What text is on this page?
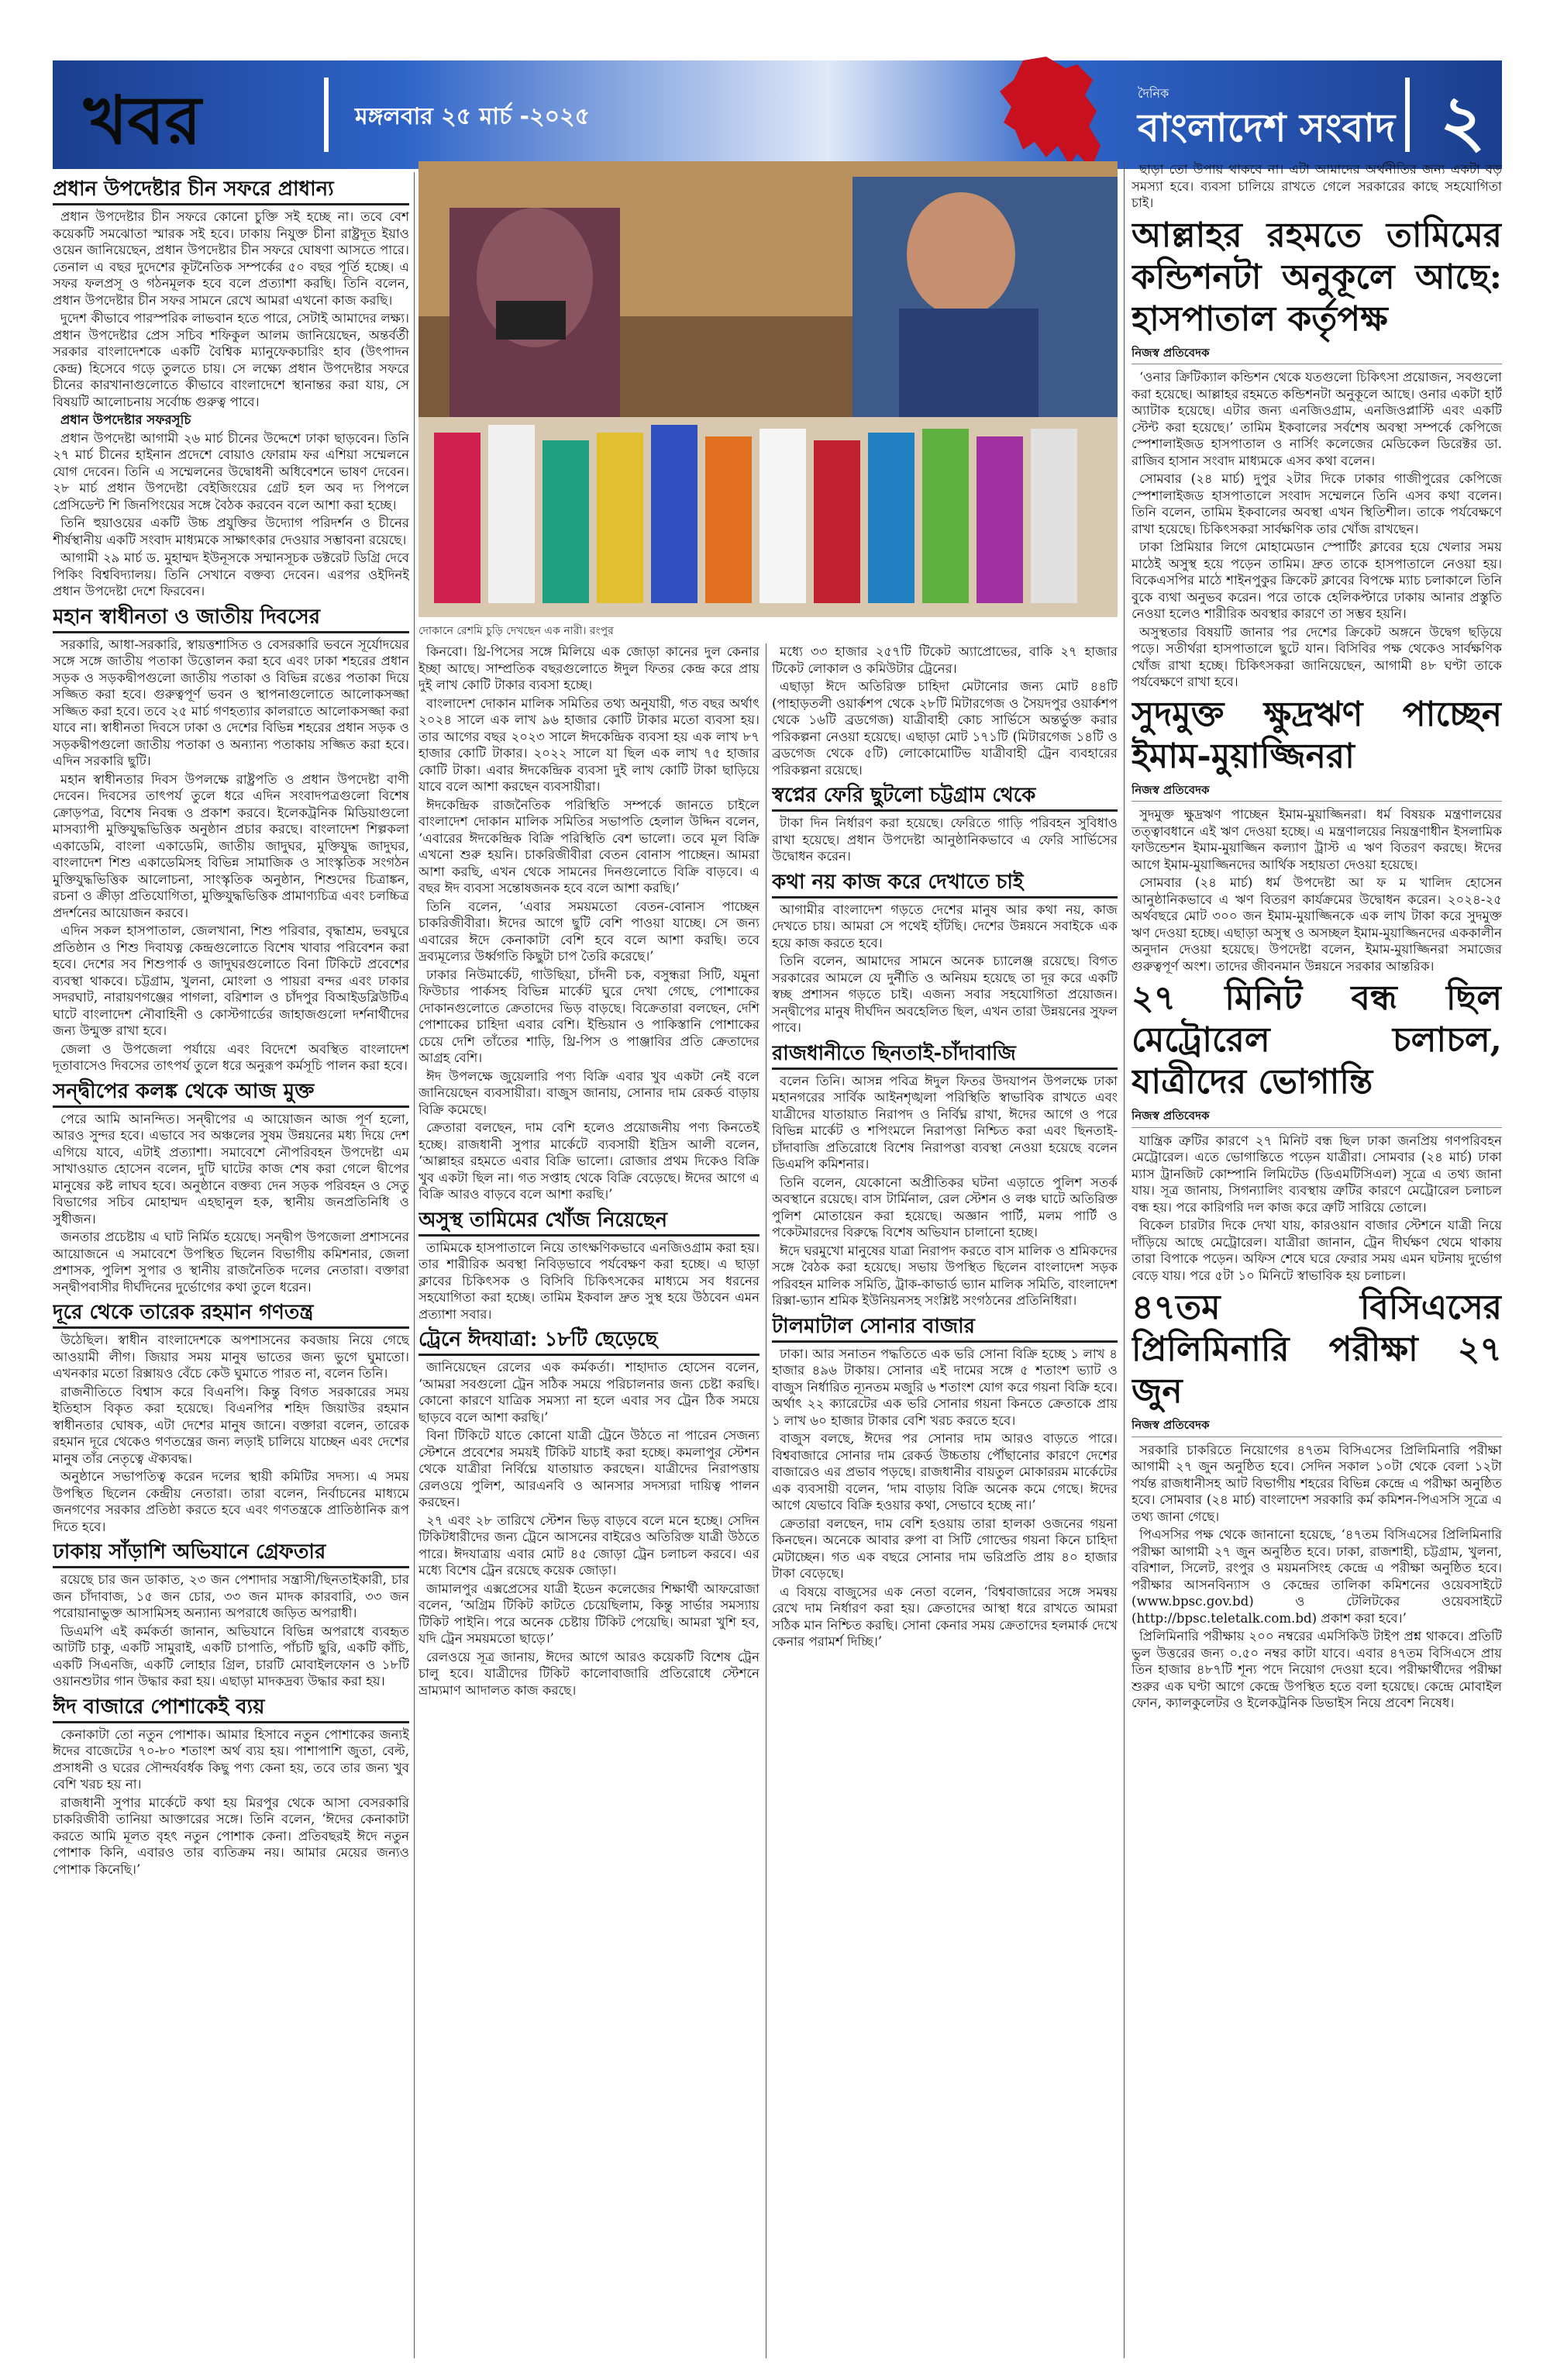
খবর	মঙ্গলবার ২৫ মার্চ -২০২৫
দৈনিক
বাংলাদেশ সংবাদ ২
প্রধান উপদেষ্টার চীন সফরে প্রাধান্য

প্রধান উপদেষ্টার চীন সফরে কোনো চুক্তি সই হচ্ছে না। তবে বেশ কয়েকটি সমঝোতা স্মারক সই হবে। ঢাকায় নিযুক্ত চীনা রাষ্ট্রদূত ইয়াও ওয়েন জানিয়েছেন, প্রধান উপদেষ্টার চীন সফরে ঘোষণা আসতে পারে। তেনাল এ বছর দুদেশের কূটনৈতিক সম্পর্কের ৫০ বছর পূর্তি হচ্ছে। এ সফর ফলপ্রসূ ও গঠনমূলক হবে বলে প্রত্যাশা করছি। তিনি বলেন, প্রধান উপদেষ্টার চীন সফর সামনে রেখে আমরা এখনো কাজ করছি।

দুদেশ কীভাবে পারস্পরিক লাভবান হতে পারে, সেটাই আমাদের লক্ষ্য। প্রধান উপদেষ্টার প্রেস সচিব শফিকুল আলম জানিয়েছেন, অন্তর্বর্তী সরকার বাংলাদেশকে একটি বৈশ্বিক ম্যানুফেকচারিং হাব (উৎপাদন কেন্দ্র) হিসেবে গড়ে তুলতে চায়। সে লক্ষ্যে প্রধান উপদেষ্টার সফরে চীনের কারখানাগুলোতে কীভাবে বাংলাদেশে স্থানান্তর করা যায়, সে বিষয়টি আলোচনায় সর্বোচ্চ গুরুত্ব পাবে।

প্রধান উপদেষ্টার সফরসূচি

প্রধান উপদেষ্টা আগামী ২৬ মার্চ চীনের উদ্দেশে ঢাকা ছাড়বেন। তিনি ২৭ মার্চ চীনের হাইনান প্রদেশে বোয়াও ফোরাম ফর এশিয়া সম্মেলনে যোগ দেবেন। তিনি এ সম্মেলনের উদ্বোধনী অধিবেশনে ভাষণ দেবেন। ২৮ মার্চ প্রধান উপদেষ্টা বেইজিংয়ের গ্রেট হল অব দ্য পিপলে প্রেসিডেন্ট শি জিনপিংয়ের সঙ্গে বৈঠক করবেন বলে আশা করা হচ্ছে।

তিনি হুয়াওয়ের একটি উচ্চ প্রযুক্তির উদ্যোগ পরিদর্শন ও চীনের শীর্ষস্থানীয় একটি সংবাদ মাধ্যমকে সাক্ষাৎকার দেওয়ার সম্ভাবনা রয়েছে।

আগামী ২৯ মার্চ ড. মুহাম্মদ ইউনূসকে সম্মানসূচক ডক্টরেট ডিগ্রি দেবে পিকিং বিশ্ববিদ্যালয়। তিনি সেখানে বক্তব্য দেবেন। এরপর ওইদিনই প্রধান উপদেষ্টা দেশে ফিরবেন।

মহান স্বাধীনতা ও জাতীয় দিবসের

সরকারি, আধা-সরকারি, স্বায়ত্তশাসিত ও বেসরকারি ভবনে সূর্যোদয়ের সঙ্গে সঙ্গে জাতীয় পতাকা উত্তোলন করা হবে এবং ঢাকা শহরের প্রধান সড়ক ও সড়কদ্বীপগুলো জাতীয় পতাকা ও বিভিন্ন রঙের পতাকা দিয়ে সজ্জিত করা হবে। গুরুত্বপূর্ণ ভবন ও স্থাপনাগুলোতে আলোকসজ্জা সজ্জিত করা হবে। তবে ২৫ মার্চ গণহত্যার কালরাতে আলোকসজ্জা করা যাবে না। স্বাধীনতা দিবসে ঢাকা ও দেশের বিভিন্ন শহরের প্রধান সড়ক ও সড়কদ্বীপগুলো জাতীয় পতাকা ও অন্যান্য পতাকায় সজ্জিত করা হবে। এদিন সরকারি ছুটি।

মহান স্বাধীনতার দিবস উপলক্ষে রাষ্ট্রপতি ও প্রধান উপদেষ্টা বাণী দেবেন। দিবসের তাৎপর্য তুলে ধরে এদিন সংবাদপত্রগুলো বিশেষ ক্রোড়পত্র, বিশেষ নিবন্ধ ও প্রকাশ করবে। ইলেকট্রনিক মিডিয়াগুলো মাসব্যাপী মুক্তিযুদ্ধভিত্তিক অনুষ্ঠান প্রচার করছে। বাংলাদেশ শিল্পকলা একাডেমি, বাংলা একাডেমি, জাতীয় জাদুঘর, মুক্তিযুদ্ধ জাদুঘর, বাংলাদেশ শিশু একাডেমিসহ বিভিন্ন সামাজিক ও সাংস্কৃতিক সংগঠন মুক্তিযুদ্ধভিত্তিক আলোচনা, সাংস্কৃতিক অনুষ্ঠান, শিশুদের চিত্রাঙ্কন, রচনা ও ক্রীড়া প্রতিযোগিতা, মুক্তিযুদ্ধভিত্তিক প্রামাণ্যচিত্র এবং চলচ্চিত্র প্রদর্শনের আয়োজন করবে।

এদিন সকল হাসপাতাল, জেলখানা, শিশু পরিবার, বৃদ্ধাশ্রম, ভবঘুরে প্রতিষ্ঠান ও শিশু দিবাযত্ন কেন্দ্রগুলোতে বিশেষ খাবার পরিবেশন করা হবে। দেশের সব শিশুপার্ক ও জাদুঘরগুলোতে বিনা টিকিটে প্রবেশের ব্যবস্থা থাকবে। চট্টগ্রাম, খুলনা, মোংলা ও পায়রা বন্দর এবং ঢাকার সদরঘাট, নারায়ণগঞ্জের পাগলা, বরিশাল ও চাঁদপুর বিআইডব্লিউটিএ ঘাটে বাংলাদেশ নৌবাহিনী ও কোস্টগার্ডের জাহাজগুলো দর্শনার্থীদের জন্য উন্মুক্ত রাখা হবে।

জেলা ও উপজেলা পর্যায়ে এবং বিদেশে অবস্থিত বাংলাদেশ দূতাবাসেও দিবসের তাৎপর্য তুলে ধরে অনুরূপ কর্মসূচি পালন করা হবে।

সন্দ্বীপের কলঙ্ক থেকে আজ মুক্ত

পেরে আমি আনন্দিত। সন্দ্বীপের এ আয়োজন আজ পূর্ণ হলো, আরও সুন্দর হবে। এভাবে সব অঞ্চলের সুষম উন্নয়নের মধ্য দিয়ে দেশ এগিয়ে যাবে, এটাই প্রত্যাশা। সমাবেশে নৌপরিবহন উপদেষ্টা এম সাখাওয়াত হোসেন বলেন, দুটি ঘাটের কাজ শেষ করা গেলে দ্বীপের মানুষের কষ্ট লাঘব হবে। অনুষ্ঠানে বক্তব্য দেন সড়ক পরিবহন ও সেতু বিভাগের সচিব মোহাম্মদ এহছানুল হক, স্থানীয় জনপ্রতিনিধি ও সুধীজন।

জনতার প্রচেষ্টায় এ ঘাট নির্মিত হয়েছে। সন্দ্বীপ উপজেলা প্রশাসনের আয়োজনে এ সমাবেশে উপস্থিত ছিলেন বিভাগীয় কমিশনার, জেলা প্রশাসক, পুলিশ সুপার ও স্থানীয় রাজনৈতিক দলের নেতারা। বক্তারা সন্দ্বীপবাসীর দীর্ঘদিনের দুর্ভোগের কথা তুলে ধরেন।

দূরে থেকে তারেক রহমান গণতন্ত্র

উঠেছিল। স্বাধীন বাংলাদেশকে অপশাসনের কবজায় নিয়ে গেছে আওয়ামী লীগ। জিয়ার সময় মানুষ ভাতের জন্য ভুগে ঘুমাতো। এখনকার মতো রিক্সায়ও বেঁচে কেউ ঘুমাতে পারত না, বলেন তিনি।

রাজনীতিতে বিশ্বাস করে বিএনপি। কিন্তু বিগত সরকারের সময় ইতিহাস বিকৃত করা হয়েছে। বিএনপির শহিদ জিয়াউর রহমান স্বাধীনতার ঘোষক, এটা দেশের মানুষ জানে। বক্তারা বলেন, তারেক রহমান দূরে থেকেও গণতন্ত্রের জন্য লড়াই চালিয়ে যাচ্ছেন এবং দেশের মানুষ তাঁর নেতৃত্বে ঐক্যবদ্ধ।

অনুষ্ঠানে সভাপতিত্ব করেন দলের স্থায়ী কমিটির সদস্য। এ সময় উপস্থিত ছিলেন কেন্দ্রীয় নেতারা। তারা বলেন, নির্বাচনের মাধ্যমে জনগণের সরকার প্রতিষ্ঠা করতে হবে এবং গণতন্ত্রকে প্রাতিষ্ঠানিক রূপ দিতে হবে।

ঢাকায় সাঁড়াশি অভিযানে গ্রেফতার

রয়েছে চার জন ডাকাত, ২৩ জন পেশাদার সন্ত্রাসী/ছিনতাইকারী, চার জন চাঁদাবাজ, ১৫ জন চোর, ৩৩ জন মাদক কারবারি, ৩৩ জন পরোয়ানাভুক্ত আসামিসহ অন্যান্য অপরাধে জড়িত অপরাধী।

ডিএমপি এই কর্মকর্তা জানান, অভিযানে বিভিন্ন অপরাধে ব্যবহৃত আটটি চাকু, একটি সামুরাই, একটি চাপাতি, পাঁচটি ছুরি, একটি কাঁচি, একটি সিএনজি, একটি লোহার গ্রিল, চারটি মোবাইলফোন ও ১৮টি ওয়ানশুটার গান উদ্ধার করা হয়। এছাড়া মাদকদ্রব্য উদ্ধার করা হয়।

ঈদ বাজারে পোশাকেই ব্যয়

কেনাকাটা তো নতুন পোশাক। আমার হিসাবে নতুন পোশাকের জন্যই ঈদের বাজেটের ৭০-৮০ শতাংশ অর্থ ব্যয় হয়। পাশাপাশি জুতা, বেল্ট, প্রসাধনী ও ঘরের সৌন্দর্যবর্ধক কিছু পণ্য কেনা হয়, তবে তার জন্য খুব বেশি খরচ হয় না।

রাজধানী সুপার মার্কেটে কথা হয় মিরপুর থেকে আসা বেসরকারি চাকরিজীবী তানিয়া আক্তারের সঙ্গে। তিনি বলেন, ‘ঈদের কেনাকাটা করতে আমি মূলত বৃহৎ নতুন পোশাক কেনা। প্রতিবছরই ঈদে নতুন পোশাক কিনি, এবারও তার ব্যতিক্রম নয়। আমার মেয়ের জন্যও পোশাক কিনেছি।’

দোকানে রেশমি চুড়ি দেখছেন এক নারী। রংপুর

কিনবো। থ্রি-পিসের সঙ্গে মিলিয়ে এক জোড়া কানের দুল কেনার ইচ্ছা আছে। সাম্প্রতিক বছরগুলোতে ঈদুল ফিতর কেন্দ্র করে প্রায় দুই লাখ কোটি টাকার ব্যবসা হচ্ছে।

বাংলাদেশ দোকান মালিক সমিতির তথ্য অনুযায়ী, গত বছর অর্থাৎ ২০২৪ সালে এক লাখ ৯৬ হাজার কোটি টাকার মতো ব্যবসা হয়। তার আগের বছর ২০২৩ সালে ঈদকেন্দ্রিক ব্যবসা হয় এক লাখ ৮৭ হাজার কোটি টাকার। ২০২২ সালে যা ছিল এক লাখ ৭৫ হাজার কোটি টাকা। এবার ঈদকেন্দ্রিক ব্যবসা দুই লাখ কোটি টাকা ছাড়িয়ে যাবে বলে আশা করছেন ব্যবসায়ীরা।

ঈদকেন্দ্রিক রাজনৈতিক পরিস্থিতি সম্পর্কে জানতে চাইলে বাংলাদেশ দোকান মালিক সমিতির সভাপতি হেলাল উদ্দিন বলেন, ‘এবারের ঈদকেন্দ্রিক বিক্রি পরিস্থিতি বেশ ভালো। তবে মূল বিক্রি এখনো শুরু হয়নি। চাকরিজীবীরা বেতন বোনাস পাচ্ছেন। আমরা আশা করছি, এখন থেকে সামনের দিনগুলোতে বিক্রি বাড়বে। এ বছর ঈদ ব্যবসা সন্তোষজনক হবে বলে আশা করছি।’

তিনি বলেন, ‘এবার সময়মতো বেতন-বোনাস পাচ্ছেন চাকরিজীবীরা। ঈদের আগে ছুটি বেশি পাওয়া যাচ্ছে। সে জন্য এবারের ঈদে কেনাকাটা বেশি হবে বলে আশা করছি। তবে দ্রব্যমূল্যের উর্ধ্বগতি কিছুটা চাপ তৈরি করেছে।’

ঢাকার নিউমার্কেট, গাউছিয়া, চাঁদনী চক, বসুন্ধরা সিটি, যমুনা ফিউচার পার্কসহ বিভিন্ন মার্কেট ঘুরে দেখা গেছে, পোশাকের দোকানগুলোতে ক্রেতাদের ভিড় বাড়ছে। বিক্রেতারা বলছেন, দেশি পোশাকের চাহিদা এবার বেশি। ইন্ডিয়ান ও পাকিস্তানি পোশাকের চেয়ে দেশি তাঁতের শাড়ি, থ্রি-পিস ও পাঞ্জাবির প্রতি ক্রেতাদের আগ্রহ বেশি।

ঈদ উপলক্ষে জুয়েলারি পণ্য বিক্রি এবার খুব একটা নেই বলে জানিয়েছেন ব্যবসায়ীরা। বাজুস জানায়, সোনার দাম রেকর্ড বাড়ায় বিক্রি কমেছে।

ক্রেতারা বলছেন, দাম বেশি হলেও প্রয়োজনীয় পণ্য কিনতেই হচ্ছে। রাজধানী সুপার মার্কেটে ব্যবসায়ী ইদ্রিস আলী বলেন, ‘আল্লাহর রহমতে এবার বিক্রি ভালো। রোজার প্রথম দিকেও বিক্রি খুব একটা ছিল না। গত সপ্তাহ থেকে বিক্রি বেড়েছে। ঈদের আগে এ বিক্রি আরও বাড়বে বলে আশা করছি।’

অসুস্থ তামিমের খোঁজ নিয়েছেন

তামিমকে হাসপাতালে নিয়ে তাৎক্ষণিকভাবে এনজিওগ্রাম করা হয়। তার শারীরিক অবস্থা নিবিড়ভাবে পর্যবেক্ষণ করা হচ্ছে। এ ছাড়া ক্লাবের চিকিৎসক ও বিসিবি চিকিৎসকের মাধ্যমে সব ধরনের সহযোগিতা করা হচ্ছে। তামিম ইকবাল দ্রুত সুস্থ হয়ে উঠবেন এমন প্রত্যাশা সবার।

ট্রেনে ঈদযাত্রা: ১৮টি ছেড়েছে

জানিয়েছেন রেলের এক কর্মকর্তা। শাহাদাত হোসেন বলেন, ‘আমরা সবগুলো ট্রেন সঠিক সময়ে পরিচালনার জন্য চেষ্টা করছি। কোনো কারণে যাত্রিক সমস্যা না হলে এবার সব ট্রেন ঠিক সময়ে ছাড়বে বলে আশা করছি।’

বিনা টিকিটে যাতে কোনো যাত্রী ট্রেনে উঠতে না পারেন সেজন্য স্টেশনে প্রবেশের সময়ই টিকিট যাচাই করা হচ্ছে। কমলাপুর স্টেশন থেকে যাত্রীরা নির্বিঘ্নে যাতায়াত করছেন। যাত্রীদের নিরাপত্তায় রেলওয়ে পুলিশ, আরএনবি ও আনসার সদস্যরা দায়িত্ব পালন করছেন।

২৭ এবং ২৮ তারিখে স্টেশন ভিড় বাড়বে বলে মনে হচ্ছে। সেদিন টিকিটধারীদের জন্য ট্রেনে আসনের বাইরেও অতিরিক্ত যাত্রী উঠতে পারে। ঈদযাত্রায় এবার মোট ৪৫ জোড়া ট্রেন চলাচল করবে। এর মধ্যে বিশেষ ট্রেন রয়েছে কয়েক জোড়া।

জামালপুর এক্সপ্রেসের যাত্রী ইডেন কলেজের শিক্ষার্থী আফরোজা বলেন, ‘অগ্রিম টিকিট কাটতে চেয়েছিলাম, কিন্তু সার্ভার সমস্যায় টিকিট পাইনি। পরে অনেক চেষ্টায় টিকিট পেয়েছি। আমরা খুশি হব, যদি ট্রেন সময়মতো ছাড়ে।’

রেলওয়ে সূত্র জানায়, ঈদের আগে আরও কয়েকটি বিশেষ ট্রেন চালু হবে। যাত্রীদের টিকিট কালোবাজারি প্রতিরোধে স্টেশনে ভ্রাম্যমাণ আদালত কাজ করছে।

মধ্যে ৩৩ হাজার ২৫৭টি টিকেট অ্যাপ্রোভের, বাকি ২৭ হাজার টিকেট লোকাল ও কমিউটার ট্রেনের।

এছাড়া ঈদে অতিরিক্ত চাহিদা মেটানোর জন্য মোট ৪৪টি (পাহাড়তলী ওয়ার্কশপ থেকে ২৮টি মিটারগেজ ও সৈয়দপুর ওয়ার্কশপ থেকে ১৬টি ব্রডগেজ) যাত্রীবাহী কোচ সার্ভিসে অন্তর্ভুক্ত করার পরিকল্পনা নেওয়া হয়েছে। এছাড়া মোট ১৭১টি (মিটারগেজ ১৪টি ও ব্রডগেজ থেকে ৫টি) লোকোমোটিভ যাত্রীবাহী ট্রেন ব্যবহারের পরিকল্পনা রয়েছে।

স্বপ্নের ফেরি ছুটলো চট্টগ্রাম থেকে

টাকা দিন নির্ধারণ করা হয়েছে। ফেরিতে গাড়ি পরিবহন সুবিধাও রাখা হয়েছে। প্রধান উপদেষ্টা আনুষ্ঠানিকভাবে এ ফেরি সার্ভিসের উদ্বোধন করেন।

কথা নয় কাজ করে দেখাতে চাই

আগামীর বাংলাদেশ গড়তে দেশের মানুষ আর কথা নয়, কাজ দেখতে চায়। আমরা সে পথেই হাঁটছি। দেশের উন্নয়নে সবাইকে এক হয়ে কাজ করতে হবে।

তিনি বলেন, আমাদের সামনে অনেক চ্যালেঞ্জ রয়েছে। বিগত সরকারের আমলে যে দুর্নীতি ও অনিয়ম হয়েছে তা দূর করে একটি স্বচ্ছ প্রশাসন গড়তে চাই। এজন্য সবার সহযোগিতা প্রয়োজন। সন্দ্বীপের মানুষ দীর্ঘদিন অবহেলিত ছিল, এখন তারা উন্নয়নের সুফল পাবে।

রাজধানীতে ছিনতাই-চাঁদাবাজি

বলেন তিনি। আসন্ন পবিত্র ঈদুল ফিতর উদযাপন উপলক্ষে ঢাকা মহানগরের সার্বিক আইনশৃঙ্খলা পরিস্থিতি স্বাভাবিক রাখতে এবং যাত্রীদের যাতায়াত নিরাপদ ও নির্বিঘ্ন রাখা, ঈদের আগে ও পরে বিভিন্ন মার্কেট ও শপিংমলে নিরাপত্তা নিশ্চিত করা এবং ছিনতাই-চাঁদাবাজি প্রতিরোধে বিশেষ নিরাপত্তা ব্যবস্থা নেওয়া হয়েছে বলেন ডিএমপি কমিশনার।

তিনি বলেন, যেকোনো অপ্রীতিকর ঘটনা এড়াতে পুলিশ সতর্ক অবস্থানে রয়েছে। বাস টার্মিনাল, রেল স্টেশন ও লঞ্চ ঘাটে অতিরিক্ত পুলিশ মোতায়েন করা হয়েছে। অজ্ঞান পার্টি, মলম পার্টি ও পকেটমারদের বিরুদ্ধে বিশেষ অভিযান চালানো হচ্ছে।

ঈদে ঘরমুখো মানুষের যাত্রা নিরাপদ করতে বাস মালিক ও শ্রমিকদের সঙ্গে বৈঠক করা হয়েছে। সভায় উপস্থিত ছিলেন বাংলাদেশ সড়ক পরিবহন মালিক সমিতি, ট্রাক-কাভার্ড ভ্যান মালিক সমিতি, বাংলাদেশ রিক্সা-ভ্যান শ্রমিক ইউনিয়নসহ সংশ্লিষ্ট সংগঠনের প্রতিনিধিরা।

টালমাটাল সোনার বাজার

ঢাকা। আর সনাতন পদ্ধতিতে এক ভরি সোনা বিক্রি হচ্ছে ১ লাখ ৪ হাজার ৪৯৬ টাকায়। সোনার এই দামের সঙ্গে ৫ শতাংশ ভ্যাট ও বাজুস নির্ধারিত ন্যূনতম মজুরি ৬ শতাংশ যোগ করে গয়না বিক্রি হবে। অর্থাৎ ২২ ক্যারেটের এক ভরি সোনার গয়না কিনতে ক্রেতাকে প্রায় ১ লাখ ৬০ হাজার টাকার বেশি খরচ করতে হবে।

বাজুস বলছে, ঈদের পর সোনার দাম আরও বাড়তে পারে। বিশ্ববাজারে সোনার দাম রেকর্ড উচ্চতায় পৌঁছানোর কারণে দেশের বাজারেও এর প্রভাব পড়ছে। রাজধানীর বায়তুল মোকাররম মার্কেটের এক ব্যবসায়ী বলেন, ‘দাম বাড়ায় বিক্রি অনেক কমে গেছে। ঈদের আগে যেভাবে বিক্রি হওয়ার কথা, সেভাবে হচ্ছে না।’

ক্রেতারা বলছেন, দাম বেশি হওয়ায় তারা হালকা ওজনের গয়না কিনছেন। অনেকে আবার রুপা বা সিটি গোল্ডের গয়না কিনে চাহিদা মেটাচ্ছেন। গত এক বছরে সোনার দাম ভরিপ্রতি প্রায় ৪০ হাজার টাকা বেড়েছে।

এ বিষয়ে বাজুসের এক নেতা বলেন, ‘বিশ্ববাজারের সঙ্গে সমন্বয় রেখে দাম নির্ধারণ করা হয়। ক্রেতাদের আস্থা ধরে রাখতে আমরা সঠিক মান নিশ্চিত করছি। সোনা কেনার সময় ক্রেতাদের হলমার্ক দেখে কেনার পরামর্শ দিচ্ছি।’

ছাড়া তো উপায় থাকবে না। এটা আমাদের অর্থনীতির জন্য একটা বড় সমস্যা হবে। ব্যবসা চালিয়ে রাখতে গেলে সরকারের কাছে সহযোগিতা চাই।

আল্লাহর রহমতে তামিমের কন্ডিশনটা অনুকূলে আছে: হাসপাতাল কর্তৃপক্ষ
নিজস্ব প্রতিবেদক

‘ওনার ক্রিটিক্যাল কন্ডিশন থেকে যতগুলো চিকিৎসা প্রয়োজন, সবগুলো করা হয়েছে। আল্লাহর রহমতে কন্ডিশনটা অনুকূলে আছে। ওনার একটা হার্ট অ্যাটাক হয়েছে। এটার জন্য এনজিওগ্রাম, এনজিওপ্লাস্টি এবং একটি স্টেন্ট করা হয়েছে।’ তামিম ইকবালের সর্বশেষ অবস্থা সম্পর্কে কেপিজে স্পেশালাইজড হাসপাতাল ও নার্সিং কলেজের মেডিকেল ডিরেক্টর ডা. রাজিব হাসান সংবাদ মাধ্যমকে এসব কথা বলেন।

সোমবার (২৪ মার্চ) দুপুর ২টার দিকে ঢাকার গাজীপুরের কেপিজে স্পেশালাইজড হাসপাতালে সংবাদ সম্মেলনে তিনি এসব কথা বলেন। তিনি বলেন, তামিম ইকবালের অবস্থা এখন স্থিতিশীল। তাকে পর্যবেক্ষণে রাখা হয়েছে। চিকিৎসকরা সার্বক্ষণিক তার খোঁজ রাখছেন।

ঢাকা প্রিমিয়ার লিগে মোহামেডান স্পোর্টিং ক্লাবের হয়ে খেলার সময় মাঠেই অসুস্থ হয়ে পড়েন তামিম। দ্রুত তাকে হাসপাতালে নেওয়া হয়। বিকেএসপির মাঠে শাইনপুকুর ক্রিকেট ক্লাবের বিপক্ষে ম্যাচ চলাকালে তিনি বুকে ব্যথা অনুভব করেন। পরে তাকে হেলিকপ্টারে ঢাকায় আনার প্রস্তুতি নেওয়া হলেও শারীরিক অবস্থার কারণে তা সম্ভব হয়নি।

অসুস্থতার বিষয়টি জানার পর দেশের ক্রিকেট অঙ্গনে উদ্বেগ ছড়িয়ে পড়ে। সতীর্থরা হাসপাতালে ছুটে যান। বিসিবির পক্ষ থেকেও সার্বক্ষণিক খোঁজ রাখা হচ্ছে। চিকিৎসকরা জানিয়েছেন, আগামী ৪৮ ঘণ্টা তাকে পর্যবেক্ষণে রাখা হবে।

সুদমুক্ত ক্ষুদ্রঋণ পাচ্ছেন ইমাম-মুয়াজ্জিনরা
নিজস্ব প্রতিবেদক

সুদমুক্ত ক্ষুদ্রঋণ পাচ্ছেন ইমাম-মুয়াজ্জিনরা। ধর্ম বিষয়ক মন্ত্রণালয়ের তত্ত্বাবধানে এই ঋণ দেওয়া হচ্ছে। এ মন্ত্রণালয়ের নিয়ন্ত্রণাধীন ইসলামিক ফাউন্ডেশন ইমাম-মুয়াজ্জিন কল্যাণ ট্রাস্ট এ ঋণ বিতরণ করছে। ঈদের আগে ইমাম-মুয়াজ্জিনদের আর্থিক সহায়তা দেওয়া হয়েছে।

সোমবার (২৪ মার্চ) ধর্ম উপদেষ্টা আ ফ ম খালিদ হোসেন আনুষ্ঠানিকভাবে এ ঋণ বিতরণ কার্যক্রমের উদ্বোধন করেন। ২০২৪-২৫ অর্থবছরে মোট ৩০০ জন ইমাম-মুয়াজ্জিনকে এক লাখ টাকা করে সুদমুক্ত ঋণ দেওয়া হচ্ছে। এছাড়া অসুস্থ ও অসচ্ছল ইমাম-মুয়াজ্জিনদের এককালীন অনুদান দেওয়া হয়েছে। উপদেষ্টা বলেন, ইমাম-মুয়াজ্জিনরা সমাজের গুরুত্বপূর্ণ অংশ। তাদের জীবনমান উন্নয়নে সরকার আন্তরিক।

২৭ মিনিট বন্ধ ছিল মেট্রোরেল চলাচল, যাত্রীদের ভোগান্তি
নিজস্ব প্রতিবেদক

যান্ত্রিক ত্রুটির কারণে ২৭ মিনিট বন্ধ ছিল ঢাকা জনপ্রিয় গণপরিবহন মেট্রোরেল। এতে ভোগান্তিতে পড়েন যাত্রীরা। সোমবার (২৪ মার্চ) ঢাকা ম্যাস ট্রানজিট কোম্পানি লিমিটেড (ডিএমটিসিএল) সূত্রে এ তথ্য জানা যায়। সূত্র জানায়, সিগন্যালিং ব্যবস্থায় ত্রুটির কারণে মেট্রোরেল চলাচল বন্ধ হয়। পরে কারিগরি দল কাজ করে ত্রুটি সারিয়ে তোলে।

বিকেল চারটার দিকে দেখা যায়, কারওয়ান বাজার স্টেশনে যাত্রী নিয়ে দাঁড়িয়ে আছে মেট্রোরেল। যাত্রীরা জানান, ট্রেন দীর্ঘক্ষণ থেমে থাকায় তারা বিপাকে পড়েন। অফিস শেষে ঘরে ফেরার সময় এমন ঘটনায় দুর্ভোগ বেড়ে যায়। পরে ৫টা ১০ মিনিটে স্বাভাবিক হয় চলাচল।

৪৭তম বিসিএসের প্রিলিমিনারি পরীক্ষা ২৭ জুন
নিজস্ব প্রতিবেদক

সরকারি চাকরিতে নিয়োগের ৪৭তম বিসিএসের প্রিলিমিনারি পরীক্ষা আগামী ২৭ জুন অনুষ্ঠিত হবে। সেদিন সকাল ১০টা থেকে বেলা ১২টা পর্যন্ত রাজধানীসহ আট বিভাগীয় শহরের বিভিন্ন কেন্দ্রে এ পরীক্ষা অনুষ্ঠিত হবে। সোমবার (২৪ মার্চ) বাংলাদেশ সরকারি কর্ম কমিশন-পিএসসি সূত্রে এ তথ্য জানা গেছে।

পিএসসির পক্ষ থেকে জানানো হয়েছে, ‘৪৭তম বিসিএসের প্রিলিমিনারি পরীক্ষা আগামী ২৭ জুন অনুষ্ঠিত হবে। ঢাকা, রাজশাহী, চট্টগ্রাম, খুলনা, বরিশাল, সিলেট, রংপুর ও ময়মনসিংহ কেন্দ্রে এ পরীক্ষা অনুষ্ঠিত হবে। পরীক্ষার আসনবিন্যাস ও কেন্দ্রের তালিকা কমিশনের ওয়েবসাইটে (www.bpsc.gov.bd) ও টেলিটকের ওয়েবসাইটে (http://bpsc.teletalk.com.bd) প্রকাশ করা হবে।’

প্রিলিমিনারি পরীক্ষায় ২০০ নম্বরের এমসিকিউ টাইপ প্রশ্ন থাকবে। প্রতিটি ভুল উত্তরের জন্য ০.৫০ নম্বর কাটা যাবে। এবার ৪৭তম বিসিএসে প্রায় তিন হাজার ৪৮৭টি শূন্য পদে নিয়োগ দেওয়া হবে। পরীক্ষার্থীদের পরীক্ষা শুরুর এক ঘণ্টা আগে কেন্দ্রে উপস্থিত হতে বলা হয়েছে। কেন্দ্রে মোবাইল ফোন, ক্যালকুলেটর ও ইলেকট্রনিক ডিভাইস নিয়ে প্রবেশ নিষেধ।
